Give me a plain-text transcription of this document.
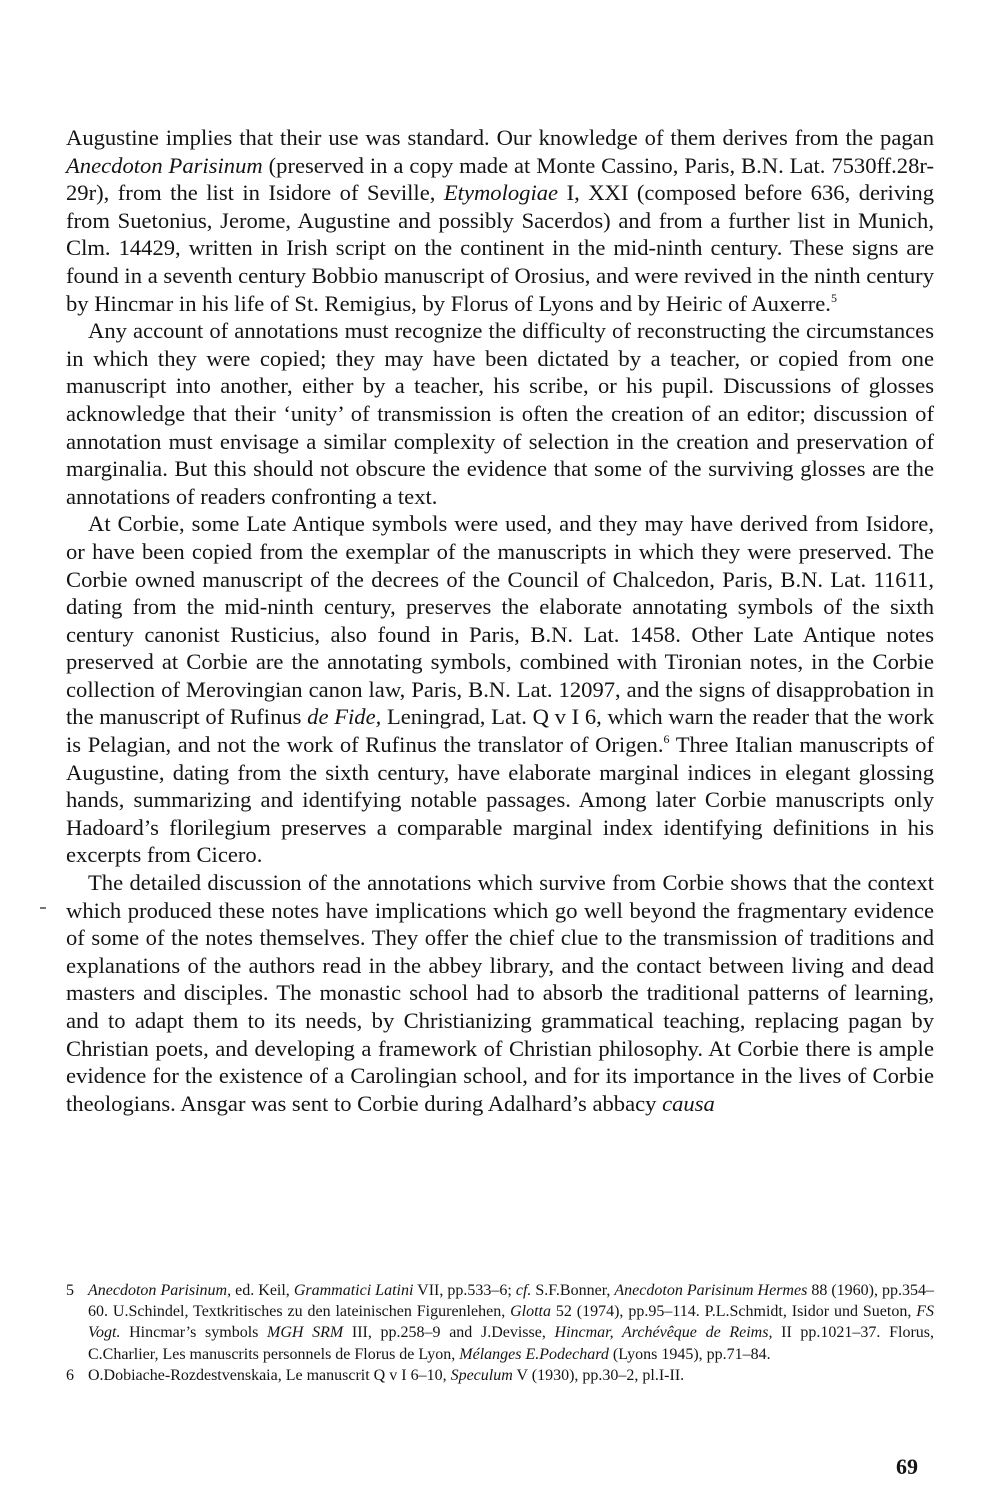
Augustine implies that their use was standard. Our knowledge of them derives from the pagan Anecdoton Parisinum (preserved in a copy made at Monte Cassino, Paris, B.N. Lat. 7530ff.28r-29r), from the list in Isidore of Seville, Etymologiae I, XXI (composed before 636, deriving from Suetonius, Jerome, Augustine and possibly Sacerdos) and from a further list in Munich, Clm. 14429, written in Irish script on the continent in the mid-ninth century. These signs are found in a seventh century Bobbio manuscript of Orosius, and were revived in the ninth century by Hincmar in his life of St. Remigius, by Florus of Lyons and by Heiric of Auxerre.$^5$

Any account of annotations must recognize the difficulty of reconstructing the circumstances in which they were copied; they may have been dictated by a teacher, or copied from one manuscript into another, either by a teacher, his scribe, or his pupil. Discussions of glosses acknowledge that their ‘unity’ of transmission is often the creation of an editor; discussion of annotation must envisage a similar complexity of selection in the creation and preservation of marginalia. But this should not obscure the evidence that some of the surviving glosses are the annotations of readers confronting a text.

At Corbie, some Late Antique symbols were used, and they may have derived from Isidore, or have been copied from the exemplar of the manuscripts in which they were preserved. The Corbie owned manuscript of the decrees of the Council of Chalcedon, Paris, B.N. Lat. 11611, dating from the mid-ninth century, preserves the elaborate annotating symbols of the sixth century canonist Rusticius, also found in Paris, B.N. Lat. 1458. Other Late Antique notes preserved at Corbie are the annotating symbols, combined with Tironian notes, in the Corbie collection of Merovingian canon law, Paris, B.N. Lat. 12097, and the signs of disapprobation in the manuscript of Rufinus de Fide, Leningrad, Lat. Q v I 6, which warn the reader that the work is Pelagian, and not the work of Rufinus the translator of Origen.$^6$ Three Italian manuscripts of Augustine, dating from the sixth century, have elaborate marginal indices in elegant glossing hands, summarizing and identifying notable passages. Among later Corbie manuscripts only Hadoard’s florilegium preserves a comparable marginal index identifying definitions in his excerpts from Cicero.

The detailed discussion of the annotations which survive from Corbie shows that the context which produced these notes have implications which go well beyond the fragmentary evidence of some of the notes themselves. They offer the chief clue to the transmission of traditions and explanations of the authors read in the abbey library, and the contact between living and dead masters and disciples. The monastic school had to absorb the traditional patterns of learning, and to adapt them to its needs, by Christianizing grammatical teaching, replacing pagan by Christian poets, and developing a framework of Christian philosophy. At Corbie there is ample evidence for the existence of a Carolingian school, and for its importance in the lives of Corbie theologians. Ansgar was sent to Corbie during Adalhard’s abbacy causa

5 Anecdoton Parisinum, ed. Keil, Grammatici Latini VII, pp.533–6; cf. S.F.Bonner, Anecdoton Parisinum Hermes 88 (1960), pp.354–60. U.Schindel, Textkritisches zu den lateinischen Figurenlehen, Glotta 52 (1974), pp.95–114. P.L.Schmidt, Isidor und Sueton, FS Vogt. Hincmar’s symbols MGH SRM III, pp.258–9 and J.Devisse, Hincmar, Archévêque de Reims, II pp.1021–37. Florus, C.Charlier, Les manuscrits personnels de Florus de Lyon, Mélanges E.Podechard (Lyons 1945), pp.71–84.

6 O.Dobiache-Rozdestvenskaia, Le manuscrit Q v I 6–10, Speculum V (1930), pp.30–2, pl.I-II.

69
